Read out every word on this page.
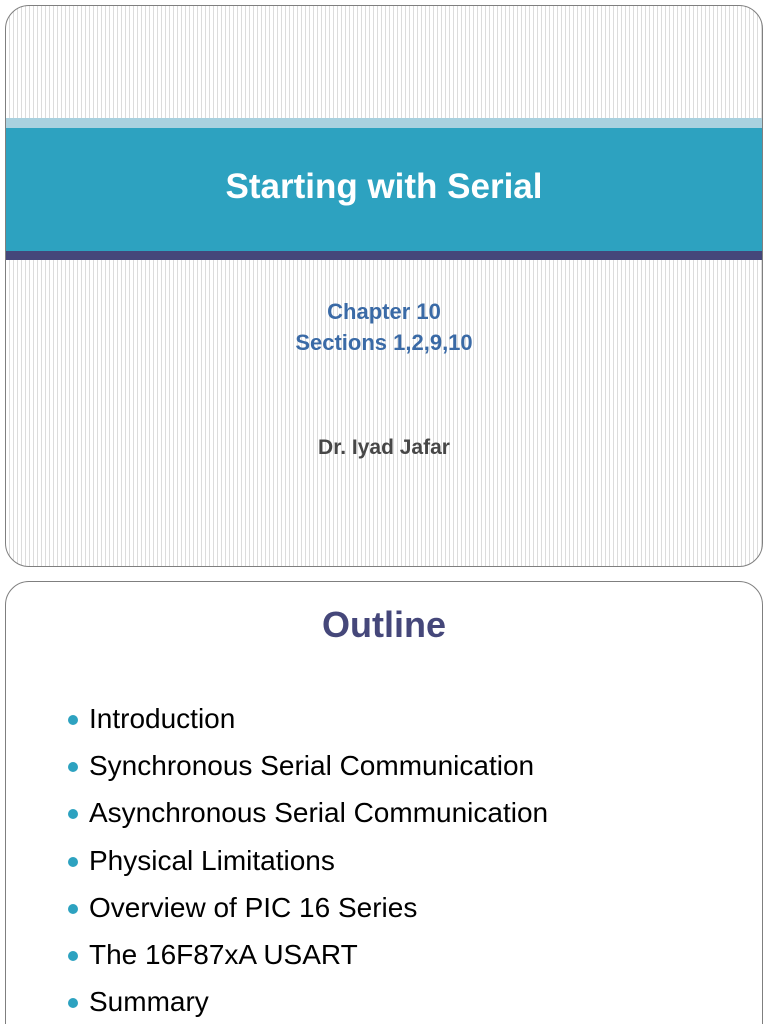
Starting with Serial
Chapter 10
Sections 1,2,9,10
Dr. Iyad Jafar
Outline
Introduction
Synchronous Serial Communication
Asynchronous Serial Communication
Physical Limitations
Overview of PIC 16 Series
The 16F87xA USART
Summary
